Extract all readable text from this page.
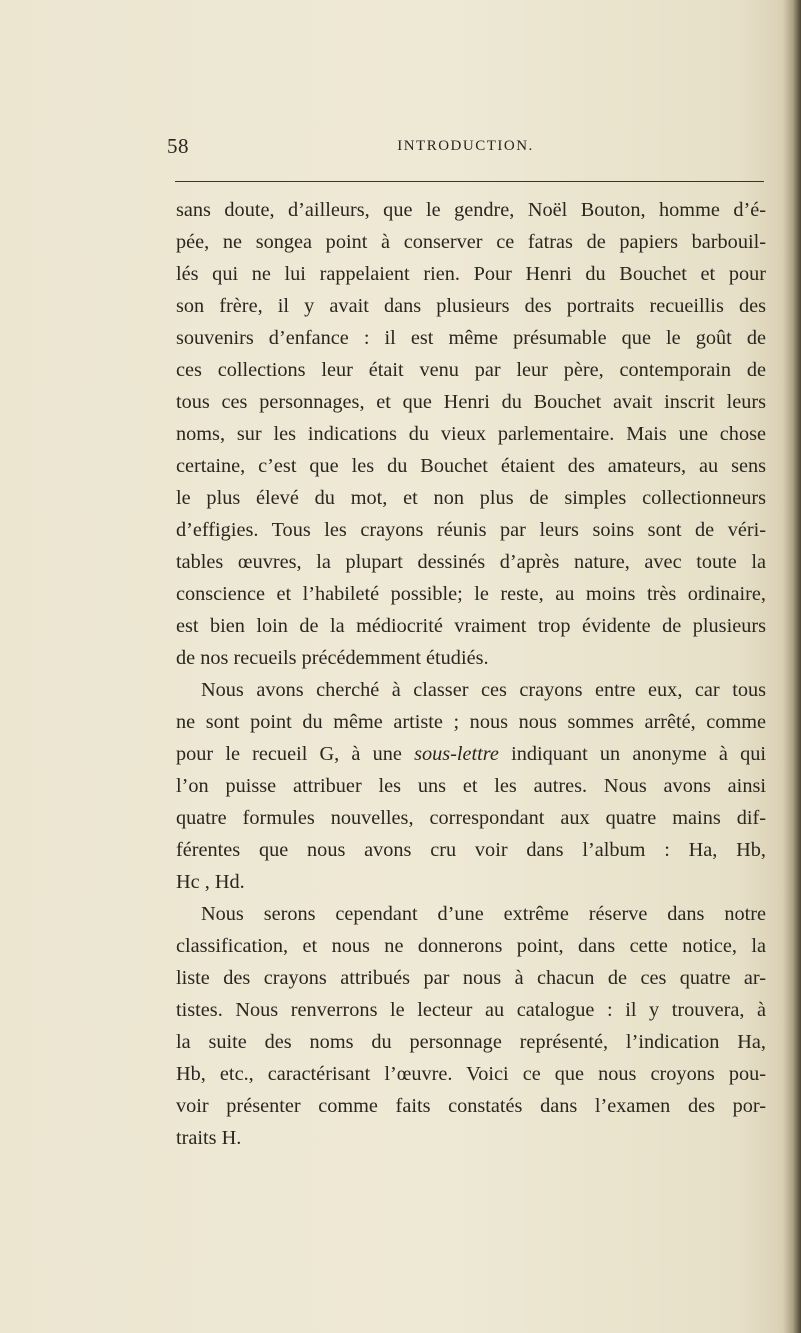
58	INTRODUCTION.
sans doute, d’ailleurs, que le gendre, Noël Bouton, homme d’é-
pée, ne songea point à conserver ce fatras de papiers barbouil-
lés qui ne lui rappelaient rien. Pour Henri du Bouchet et pour
son frère, il y avait dans plusieurs des portraits recueillis des
souvenirs d’enfance : il est même présumable que le goût de
ces collections leur était venu par leur père, contemporain de
tous ces personnages, et que Henri du Bouchet avait inscrit leurs
noms, sur les indications du vieux parlementaire. Mais une chose
certaine, c’est que les du Bouchet étaient des amateurs, au sens
le plus élevé du mot, et non plus de simples collectionneurs
d’effigies. Tous les crayons réunis par leurs soins sont de véri-
tables œuvres, la plupart dessinés d’après nature, avec toute la
conscience et l’habileté possible; le reste, au moins très ordinaire,
est bien loin de la médiocrité vraiment trop évidente de plusieurs
de nos recueils précédemment étudiés.
Nous avons cherché à classer ces crayons entre eux, car tous
ne sont point du même artiste ; nous nous sommes arrêté, comme
pour le recueil G, à une sous-lettre indiquant un anonyme à qui
l’on puisse attribuer les uns et les autres. Nous avons ainsi
quatre formules nouvelles, correspondant aux quatre mains dif-
férentes que nous avons cru voir dans l’album : Ha, Hb,
Hc , Hd.
Nous serons cependant d’une extrême réserve dans notre
classification, et nous ne donnerons point, dans cette notice, la
liste des crayons attribués par nous à chacun de ces quatre ar-
tistes. Nous renverrons le lecteur au catalogue : il y trouvera, à
la suite des noms du personnage représenté, l’indication Ha,
Hb, etc., caractérisant l’œuvre. Voici ce que nous croyons pou-
voir présenter comme faits constatés dans l’examen des por-
traits H.
